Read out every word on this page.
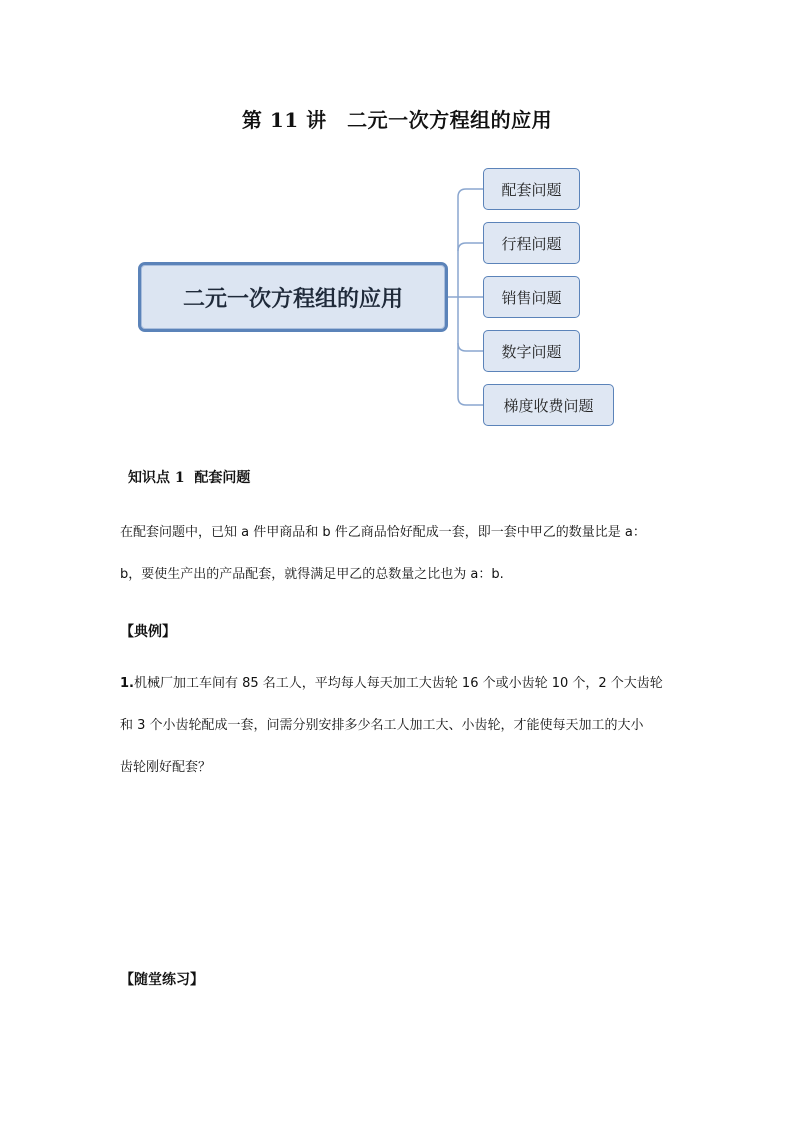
第 11 讲　二元一次方程组的应用
二元一次方程组的应用
配套问题
行程问题
销售问题
数字问题
梯度收费问题
知识点 1  配套问题
在配套问题中，已知 a 件甲商品和 b 件乙商品恰好配成一套，即一套中甲乙的数量比是 a：
b，要使生产出的产品配套，就得满足甲乙的总数量之比也为 a：b.
【典例】
1.机械厂加工车间有 85 名工人，平均每人每天加工大齿轮 16 个或小齿轮 10 个，2 个大齿轮
和 3 个小齿轮配成一套，问需分别安排多少名工人加工大、小齿轮，才能使每天加工的大小
齿轮刚好配套？
【随堂练习】
